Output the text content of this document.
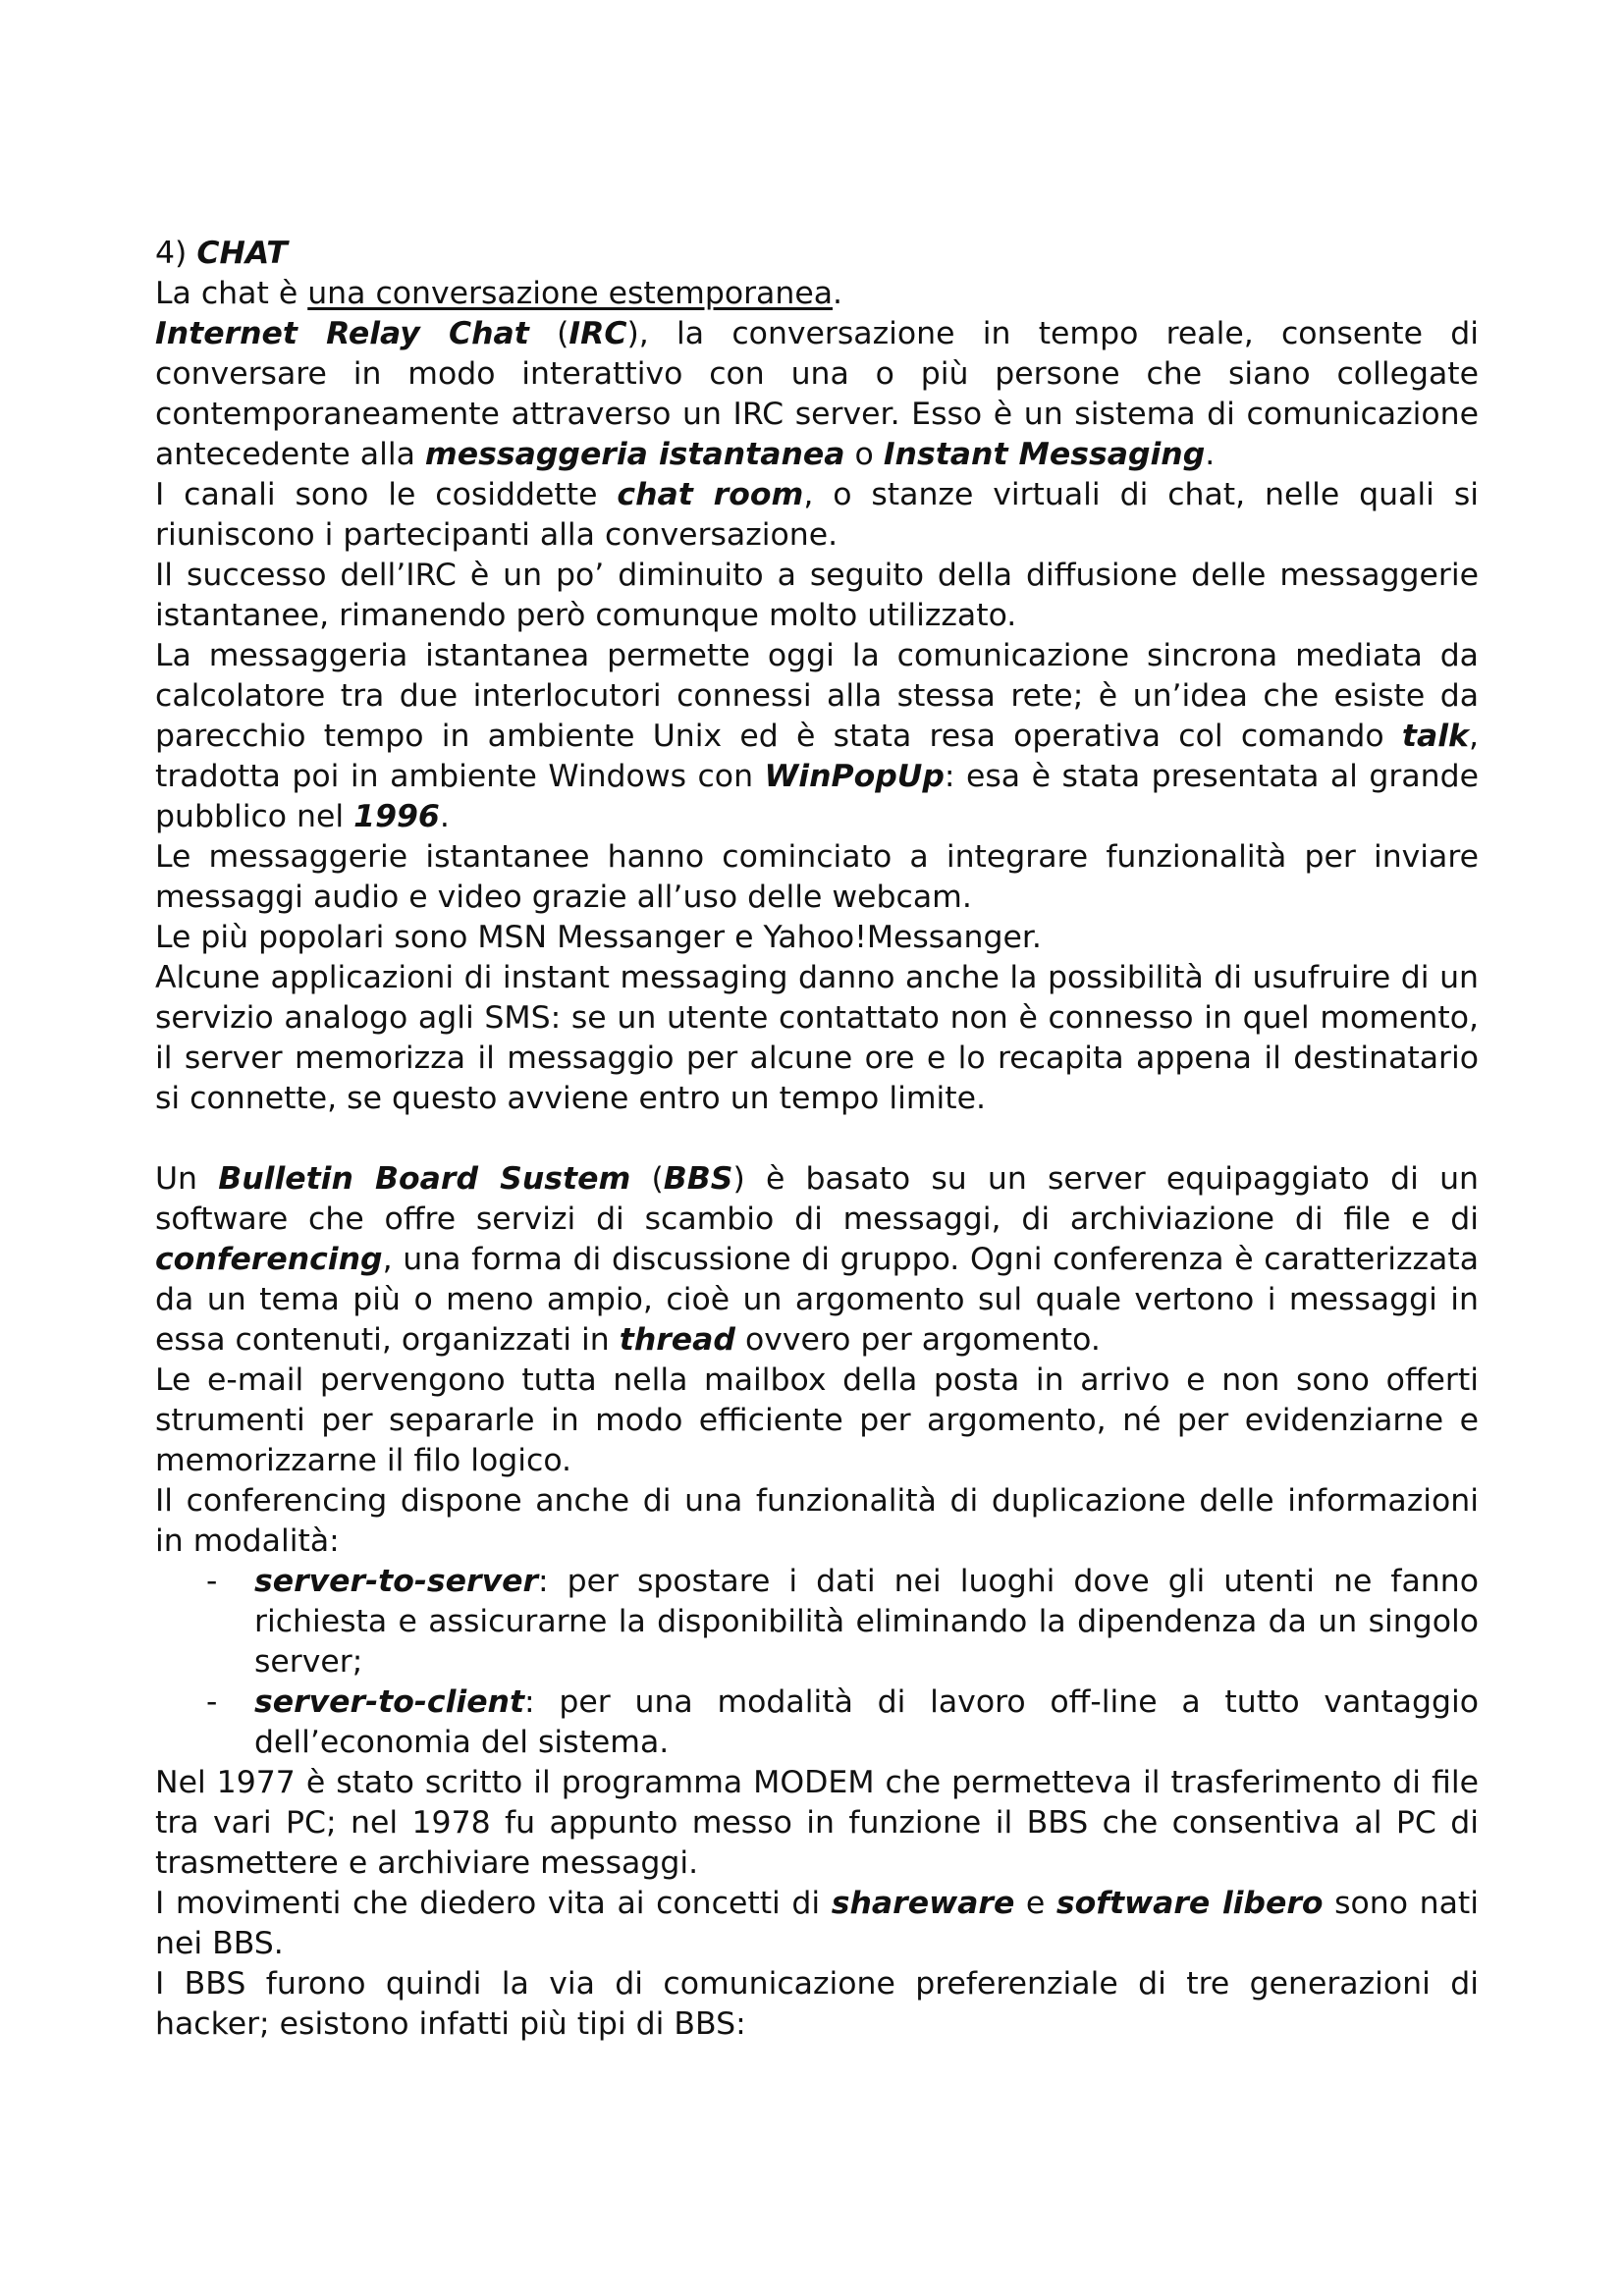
4) CHAT

La chat è una conversazione estemporanea.

Internet Relay Chat (IRC), la conversazione in tempo reale, consente di conversare in modo interattivo con una o più persone che siano collegate contemporaneamente attraverso un IRC server. Esso è un sistema di comunicazione antecedente alla messaggeria istantanea o Instant Messaging.

I canali sono le cosiddette chat room, o stanze virtuali di chat, nelle quali si riuniscono i partecipanti alla conversazione.

Il successo dell’IRC è un po’ diminuito a seguito della diffusione delle messaggerie istantanee, rimanendo però comunque molto utilizzato.

La messaggeria istantanea permette oggi la comunicazione sincrona mediata da calcolatore tra due interlocutori connessi alla stessa rete; è un’idea che esiste da parecchio tempo in ambiente Unix ed è stata resa operativa col comando talk, tradotta poi in ambiente Windows con WinPopUp: esa è stata presentata al grande pubblico nel 1996.

Le messaggerie istantanee hanno cominciato a integrare funzionalità per inviare messaggi audio e video grazie all’uso delle webcam.

Le più popolari sono MSN Messanger e Yahoo!Messanger.

Alcune applicazioni di instant messaging danno anche la possibilità di usufruire di un servizio analogo agli SMS: se un utente contattato non è connesso in quel momento, il server memorizza il messaggio per alcune ore e lo recapita appena il destinatario si connette, se questo avviene entro un tempo limite.

Un Bulletin Board Sustem (BBS) è basato su un server equipaggiato di un software che offre servizi di scambio di messaggi, di archiviazione di file e di conferencing, una forma di discussione di gruppo. Ogni conferenza è caratterizzata da un tema più o meno ampio, cioè un argomento sul quale vertono i messaggi in essa contenuti, organizzati in thread ovvero per argomento.

Le e-mail pervengono tutta nella mailbox della posta in arrivo e non sono offerti strumenti per separarle in modo efficiente per argomento, né per evidenziarne e memorizzarne il filo logico.

Il conferencing dispone anche di una funzionalità di duplicazione delle informazioni in modalità:

- server-to-server: per spostare i dati nei luoghi dove gli utenti ne fanno richiesta e assicurarne la disponibilità eliminando la dipendenza da un singolo server;
- server-to-client: per una modalità di lavoro off-line a tutto vantaggio dell’economia del sistema.

Nel 1977 è stato scritto il programma MODEM che permetteva il trasferimento di file tra vari PC; nel 1978 fu appunto messo in funzione il BBS che consentiva al PC di trasmettere e archiviare messaggi.

I movimenti che diedero vita ai concetti di shareware e software libero sono nati nei BBS.

I BBS furono quindi la via di comunicazione preferenziale di tre generazioni di hacker; esistono infatti più tipi di BBS:
